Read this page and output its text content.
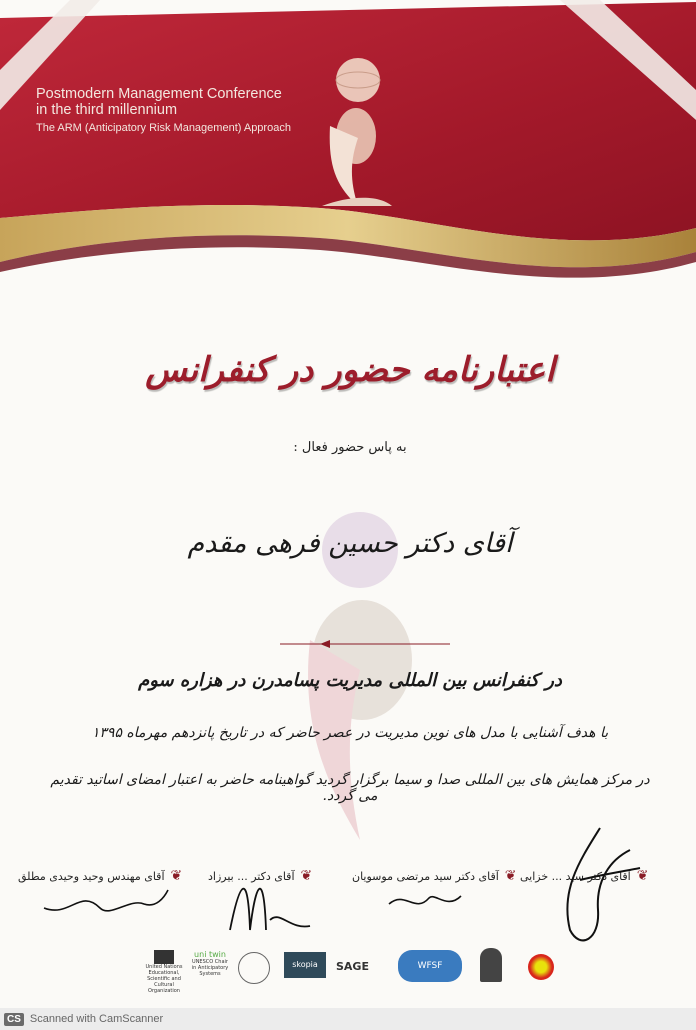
Postmodern Management Conference
in the third millennium
The ARM (Anticipatory Risk Management) Approach
اعتبارنامه حضور در کنفرانس
به پاس حضور فعال :
آقای دکتر حسین فرهی مقدم
در کنفرانس بین المللی مدیریت پسامدرن در هزاره سوم
با هدف آشنایی با مدل های نوین مدیریت در عصر حاضر که در تاریخ پانزدهم مهرماه ۱۳۹۵
در مرکز همایش های بین المللی صدا و سیما برگزار گردید گواهینامه حاضر به اعتبار امضای اساتید تقدیم می گردد.
❦
آقای دکتر سید ... خزایی
❦
آقای دکتر سید مرتضی موسویان
❦
آقای دکتر ... بیرزاد
❦
آقای مهندس وحید وحیدی مطلق
United Nations Educational, Scientific and Cultural Organization
uni twin
UNESCO Chair in Anticipatory Systems
skopia	SAGE	WFSF
CS Scanned with CamScanner
